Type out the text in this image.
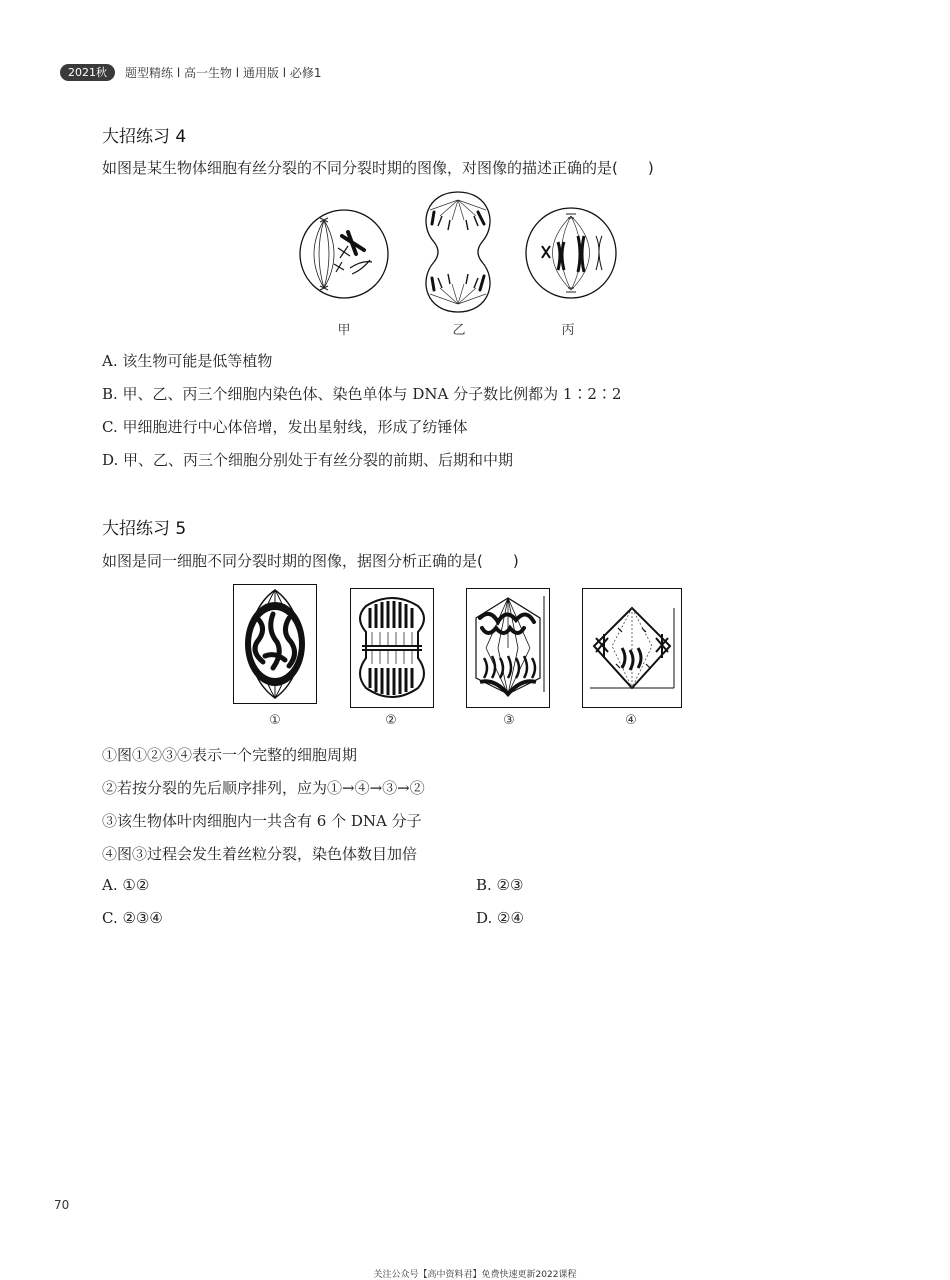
2021秋	题型精练 l 高一生物 l 通用版 l 必修1
大招练习 4
如图是某生物体细胞有丝分裂的不同分裂时期的图像，对图像的描述正确的是(　　)
甲	乙	丙
A. 该生物可能是低等植物
B. 甲、乙、丙三个细胞内染色体、染色单体与 DNA 分子数比例都为 1∶2∶2
C. 甲细胞进行中心体倍增，发出星射线，形成了纺锤体
D. 甲、乙、丙三个细胞分别处于有丝分裂的前期、后期和中期
大招练习 5
如图是同一细胞不同分裂时期的图像，据图分析正确的是(　　)
①	②	③	④
①图①②③④表示一个完整的细胞周期
②若按分裂的先后顺序排列，应为①→④→③→②
③该生物体叶肉细胞内一共含有 6 个 DNA 分子
④图③过程会发生着丝粒分裂，染色体数目加倍
A. ①②	B. ②③
C. ②③④	D. ②④
70
关注公众号【高中资料君】免费快速更新2022课程
